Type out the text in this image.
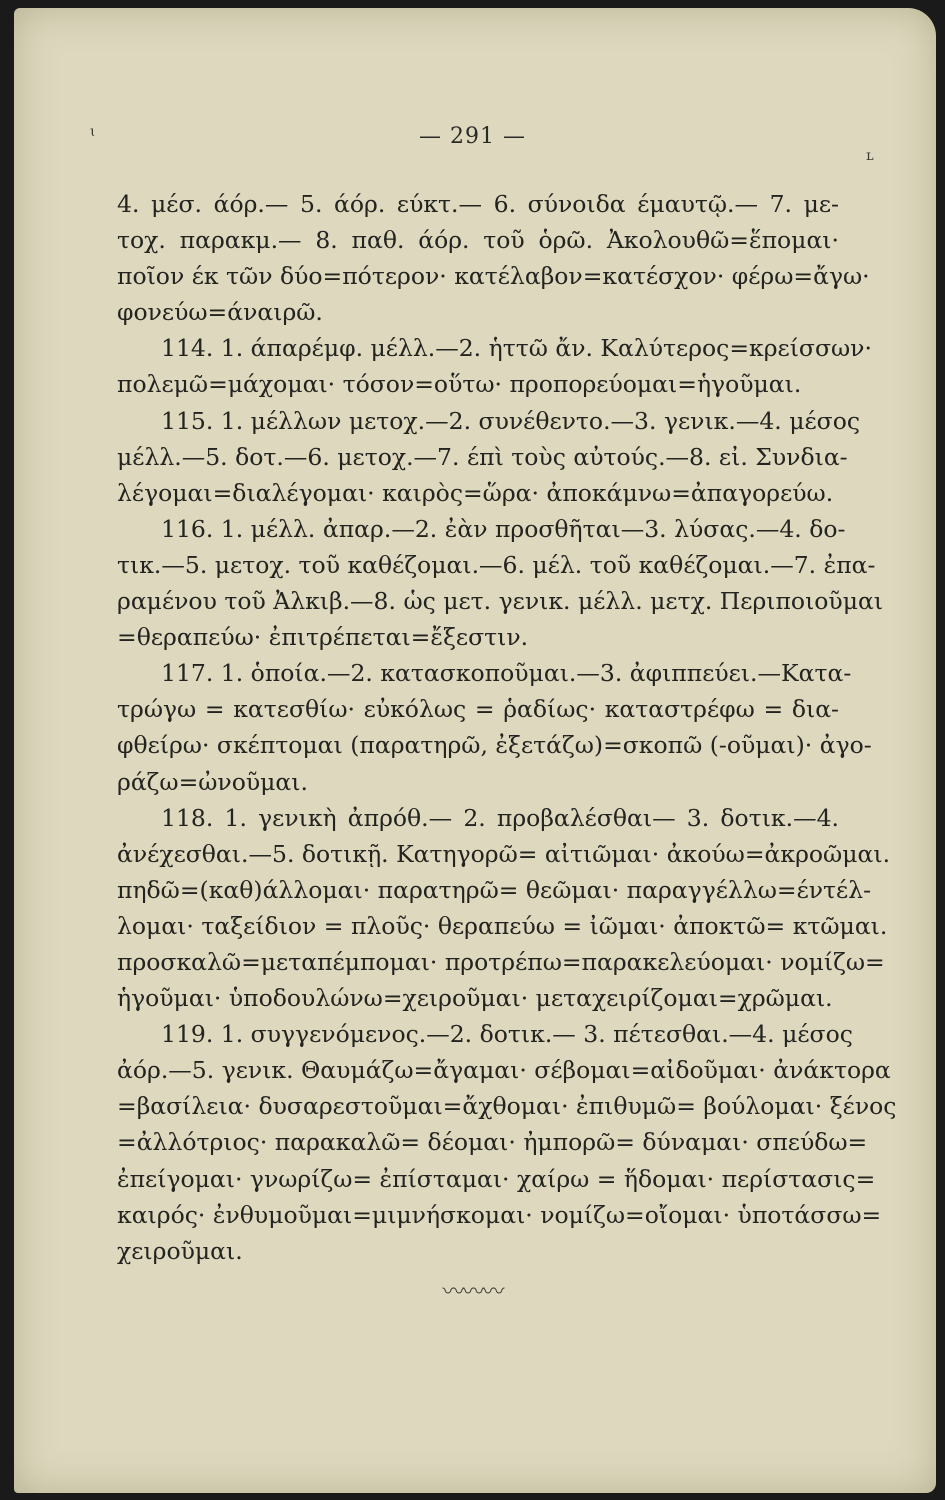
ɩ
ʟ
— 291 —
4. μέσ. άόρ.— 5. άόρ. εύκτ.— 6. σύνοιδα έμαυτῷ.— 7. με-
τοχ. παρακμ.— 8. παθ. άόρ. τοῦ ὁρῶ. Ἀκολουθῶ=ἕπομαι·
ποῖον έκ τῶν δύο=πότερον· κατέλαβον=κατέσχον· φέρω=ἄγω·
φονεύω=άναιρῶ.
114. 1. άπαρέμφ. μέλλ.—2. ἡττῶ ἄν. Καλύτερος=κρείσσων·
πολεμῶ=μάχομαι· τόσον=οὕτω· προπορεύομαι=ἡγοῦμαι.
115. 1. μέλλων μετοχ.—2. συνέθεντο.—3. γενικ.—4. μέσος
μέλλ.—5. δοτ.—6. μετοχ.—7. έπὶ τοὺς αὐτούς.—8. εἰ. Συνδια-
λέγομαι=διαλέγομαι· καιρὸς=ὥρα· ἀποκάμνω=ἀπαγορεύω.
116. 1. μέλλ. ἀπαρ.—2. ἐὰν προσθῆται—3. λύσας.—4. δο-
τικ.—5. μετοχ. τοῦ καθέζομαι.—6. μέλ. τοῦ καθέζομαι.—7. ἐπα-
ραμένου τοῦ Ἀλκιβ.—8. ὡς μετ. γενικ. μέλλ. μετχ. Περιποιοῦμαι
=θεραπεύω· ἐπιτρέπεται=ἔξεστιν.
117. 1. ὁποία.—2. κατασκοποῦμαι.—3. ἀφιππεύει.—Κατα-
τρώγω = κατεσθίω· εὐκόλως = ῥαδίως· καταστρέφω = δια-
φθείρω· σκέπτομαι (παρατηρῶ, ἐξετάζω)=σκοπῶ (-οῦμαι)· ἀγο-
ράζω=ὠνοῦμαι.
118. 1. γενικὴ ἀπρόθ.— 2. προβαλέσθαι— 3. δοτικ.—4.
ἀνέχεσθαι.—5. δοτικῇ. Κατηγορῶ= αἰτιῶμαι· ἀκούω=ἀκροῶμαι.
πηδῶ=(καθ)άλλομαι· παρατηρῶ= θεῶμαι· παραγγέλλω=έντέλ-
λομαι· ταξείδιον = πλοῦς· θεραπεύω = ἰῶμαι· ἀποκτῶ= κτῶμαι.
προσκαλῶ=μεταπέμπομαι· προτρέπω=παρακελεύομαι· νομίζω=
ἡγοῦμαι· ὑποδουλώνω=χειροῦμαι· μεταχειρίζομαι=χρῶμαι.
119. 1. συγγενόμενος.—2. δοτικ.— 3. πέτεσθαι.—4. μέσος
ἀόρ.—5. γενικ. Θαυμάζω=ἄγαμαι· σέβομαι=αἰδοῦμαι· ἀνάκτορα
=βασίλεια· δυσαρεστοῦμαι=ἄχθομαι· ἐπιθυμῶ= βούλομαι· ξένος
=ἀλλότριος· παρακαλῶ= δέομαι· ἠμπορῶ= δύναμαι· σπεύδω=
ἐπείγομαι· γνωρίζω= ἐπίσταμαι· χαίρω = ἥδομαι· περίστασις=
καιρός· ἐνθυμοῦμαι=μιμνήσκομαι· νομίζω=οἴομαι· ὑποτάσσω=
χειροῦμαι.
〰〰〰
